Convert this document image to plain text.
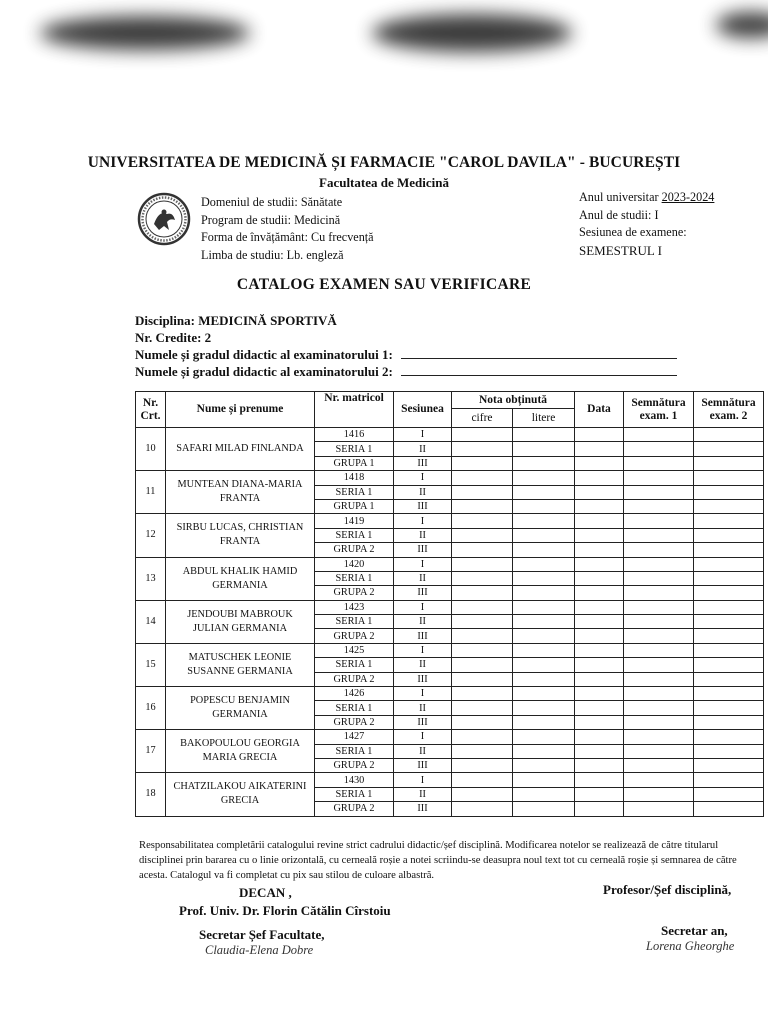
UNIVERSITATEA DE MEDICINĂ ȘI FARMACIE "CAROL DAVILA" - BUCUREȘTI
Facultatea de Medicină
Domeniul de studii: Sănătate
Program de studii: Medicină
Forma de învățământ: Cu frecvență
Limba de studiu: Lb. engleză
Anul universitar 2023-2024
Anul de studii: I
Sesiunea de examene:
SEMESTRUL I
CATALOG EXAMEN SAU VERIFICARE
Disciplina: MEDICINĂ SPORTIVĂ
Nr. Credite: 2
Numele și gradul didactic al examinatorului 1:
Numele și gradul didactic al examinatorului 2:
Nr. Crt.	Nume și prenume	Nr. matricol	Sesiunea	Nota obținută		Data	Semnătura exam. 1	Semnătura exam. 2
				cifre	litere			
10	SAFARI MILAD FINLANDA	1416	I					
		SERIA 1	II					
		GRUPA 1	III					
11	MUNTEAN DIANA-MARIA FRANTA	1418	I					
		SERIA 1	II					
		GRUPA 1	III					
12	SIRBU LUCAS, CHRISTIAN FRANTA	1419	I					
		SERIA 1	II					
		GRUPA 2	III					
13	ABDUL KHALIK HAMID GERMANIA	1420	I					
		SERIA 1	II					
		GRUPA 2	III					
14	JENDOUBI MABROUK JULIAN GERMANIA	1423	I					
		SERIA 1	II					
		GRUPA 2	III					
15	MATUSCHEK LEONIE SUSANNE GERMANIA	1425	I					
		SERIA 1	II					
		GRUPA 2	III					
16	POPESCU BENJAMIN GERMANIA	1426	I					
		SERIA 1	II					
		GRUPA 2	III					
17	BAKOPOULOU GEORGIA MARIA GRECIA	1427	I					
		SERIA 1	II					
		GRUPA 2	III					
18	CHATZILAKOU AIKATERINI GRECIA	1430	I					
		SERIA 1	II					
		GRUPA 2	III					
Responsabilitatea completării catalogului revine strict cadrului didactic/șef disciplină. Modificarea notelor se realizează de către titularul disciplinei prin bararea cu o linie orizontală, cu cerneală roșie a notei scriindu-se deasupra noul text tot cu cerneală roșie și semnarea de către acesta. Catalogul va fi completat cu pix sau stilou de culoare albastră.
DECAN ,
Prof. Univ. Dr. Florin Cătălin Cîrstoiu
Profesor/Șef disciplină,
Secretar Șef Facultate,
Claudia-Elena Dobre
Secretar an,
Lorena Gheorghe
